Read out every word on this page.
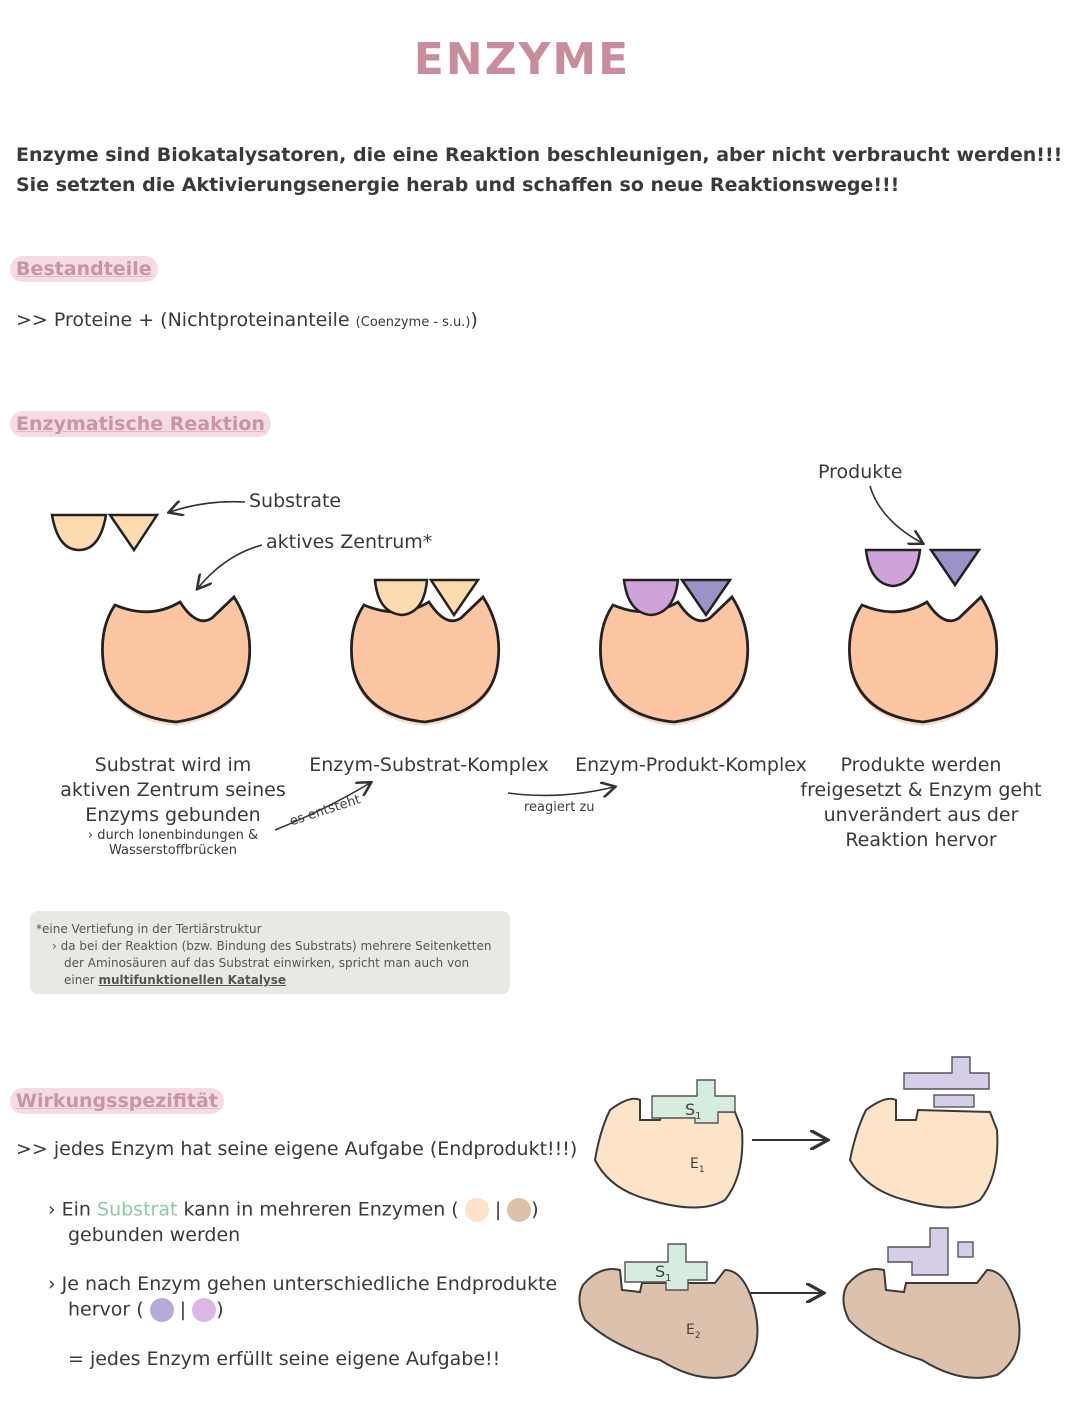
ENZYME
Enzyme sind Biokatalysatoren, die eine Reaktion beschleunigen, aber nicht verbraucht werden!!!
Sie setzten die Aktivierungsenergie herab und schaffen so neue Reaktionswege!!!
Bestandteile
>> Proteine + (Nichtproteinanteile (Coenzyme - s.u.))
Enzymatische Reaktion
Substrate
aktives Zentrum*
Produkte
Substrat wird im
aktiven Zentrum seines
Enzyms gebunden
› durch Ionenbindungen &
Wasserstoffbrücken
Enzym-Substrat-Komplex	Enzym-Produkt-Komplex	Produkte werden
freigesetzt & Enzym geht
unverändert aus der
Reaktion hervor
es entsteht	reagiert zu
*eine Vertiefung in der Tertiärstruktur
› da bei der Reaktion (bzw. Bindung des Substrats) mehrere Seitenketten
der Aminosäuren auf das Substrat einwirken, spricht man auch von
einer multifunktionellen Katalyse
Wirkungsspezifität
>> jedes Enzym hat seine eigene Aufgabe (Endprodukt!!!)
› Ein Substrat kann in mehreren Enzymen ( | )
gebunden werden
› Je nach Enzym gehen unterschiedliche Endprodukte
hervor ( | )
= jedes Enzym erfüllt seine eigene Aufgabe!!
$S_1$
$E_1$
$S_1$
$E_2$
